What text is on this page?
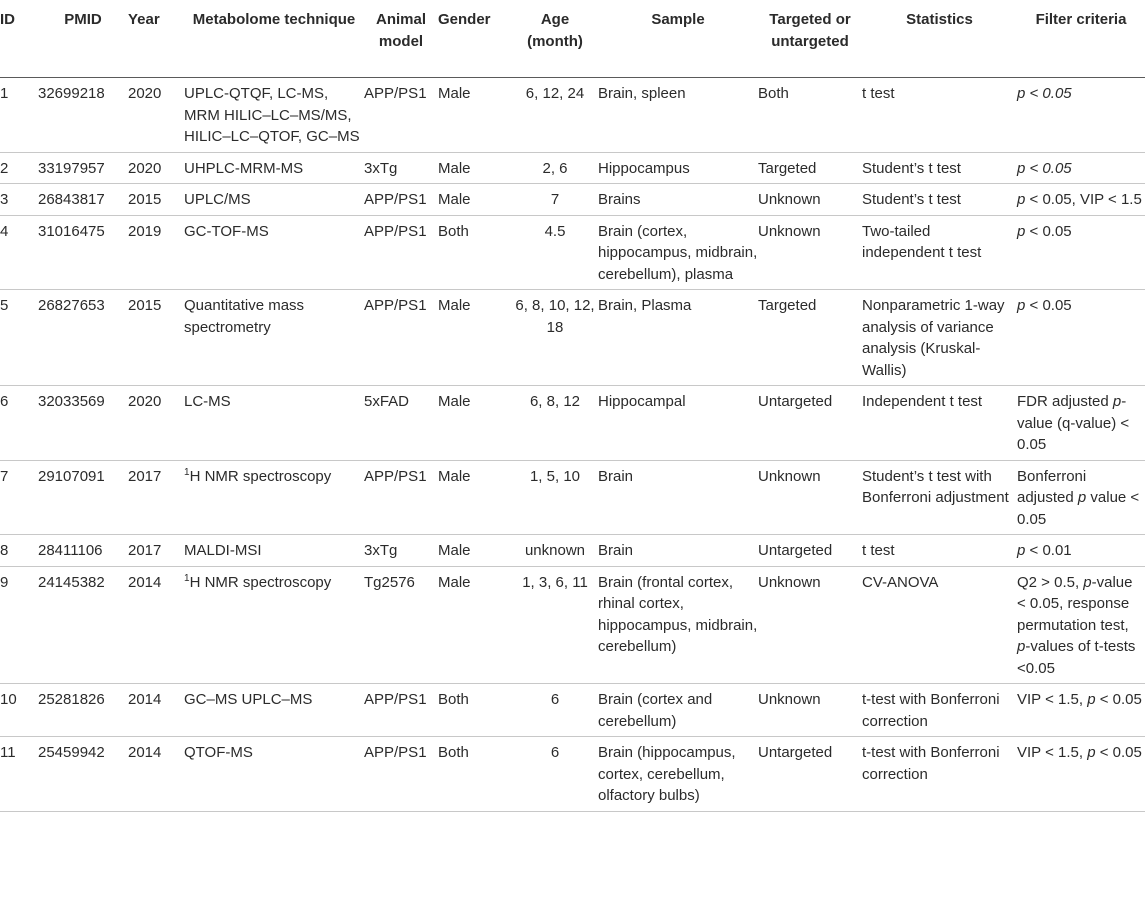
ID	PMID	Year	Metabolome technique	Animal model	Gender	Age (month)	Sample	Targeted or untargeted	Statistics	Filter criteria
1	32699218	2020	UPLC-QTQF, LC-MS, MRM HILIC–LC–MS/MS, HILIC–LC–QTOF, GC–MS	APP/PS1	Male	6, 12, 24	Brain, spleen	Both	t test	p < 0.05
2	33197957	2020	UHPLC-MRM-MS	3xTg	Male	2, 6	Hippocampus	Targeted	Student’s t test	p < 0.05
3	26843817	2015	UPLC/MS	APP/PS1	Male	7	Brains	Unknown	Student’s t test	p < 0.05, VIP < 1.5
4	31016475	2019	GC-TOF-MS	APP/PS1	Both	4.5	Brain (cortex, hippocampus, midbrain, cerebellum), plasma	Unknown	Two-tailed independent t test	p < 0.05
5	26827653	2015	Quantitative mass spectrometry	APP/PS1	Male	6, 8, 10, 12, 18	Brain, Plasma	Targeted	Nonparametric 1-way analysis of variance analysis (Kruskal-Wallis)	p < 0.05
6	32033569	2020	LC-MS	5xFAD	Male	6, 8, 12	Hippocampal	Untargeted	Independent t test	FDR adjusted p-value (q-value) < 0.05
7	29107091	2017	$^1$H NMR spectroscopy	APP/PS1	Male	1, 5, 10	Brain	Unknown	Student’s t test with Bonferroni adjustment	Bonferroni adjusted p value < 0.05
8	28411106	2017	MALDI-MSI	3xTg	Male	unknown	Brain	Untargeted	t test	p < 0.01
9	24145382	2014	$^1$H NMR spectroscopy	Tg2576	Male	1, 3, 6, 11	Brain (frontal cortex, rhinal cortex, hippocampus, midbrain, cerebellum)	Unknown	CV-ANOVA	Q2 > 0.5, p-value < 0.05, response permutation test, p-values of t-tests <0.05
10	25281826	2014	GC–MS UPLC–MS	APP/PS1	Both	6	Brain (cortex and cerebellum)	Unknown	t-test with Bonferroni correction	VIP < 1.5, p < 0.05
11	25459942	2014	QTOF-MS	APP/PS1	Both	6	Brain (hippocampus, cortex, cerebellum, olfactory bulbs)	Untargeted	t-test with Bonferroni correction	VIP < 1.5, p < 0.05
